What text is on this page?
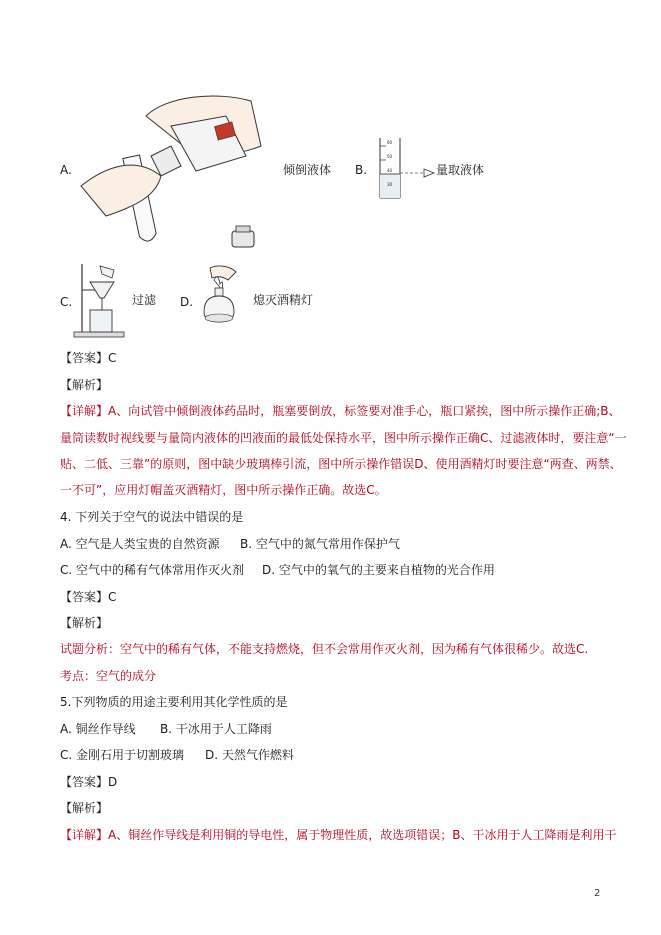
A.	倾倒液体 B.
60
50
40
30
量取液体
C.	过滤 D.	熄灭酒精灯
【答案】C
【解析】
【详解】A、向试管中倾倒液体药品时，瓶塞要倒放，标签要对准手心，瓶口紧挨，图中所示操作正确;B、
量筒读数时视线要与量筒内液体的凹液面的最低处保持水平，图中所示操作正确C、过滤液体时，要注意“一
贴、二低、三靠”的原则，图中缺少玻璃棒引流，图中所示操作错误D、使用酒精灯时要注意“两查、两禁、
一不可”，应用灯帽盖灭酒精灯，图中所示操作正确。故选C。
4. 下列关于空气的说法中错误的是
A. 空气是人类宝贵的自然资源 B. 空气中的氮气常用作保护气
C. 空气中的稀有气体常用作灭火剂 D. 空气中的氧气的主要来自植物的光合作用
【答案】C
【解析】
试题分析：空气中的稀有气体，不能支持燃烧，但不会常用作灭火剂，因为稀有气体很稀少。故选C.
考点：空气的成分
5.下列物质的用途主要利用其化学性质的是
A. 铜丝作导线 B. 干冰用于人工降雨
C. 金刚石用于切割玻璃 D. 天然气作燃料
【答案】D
【解析】
【详解】A、铜丝作导线是利用铜的导电性，属于物理性质，故选项错误；B、干冰用于人工降雨是利用干
2
